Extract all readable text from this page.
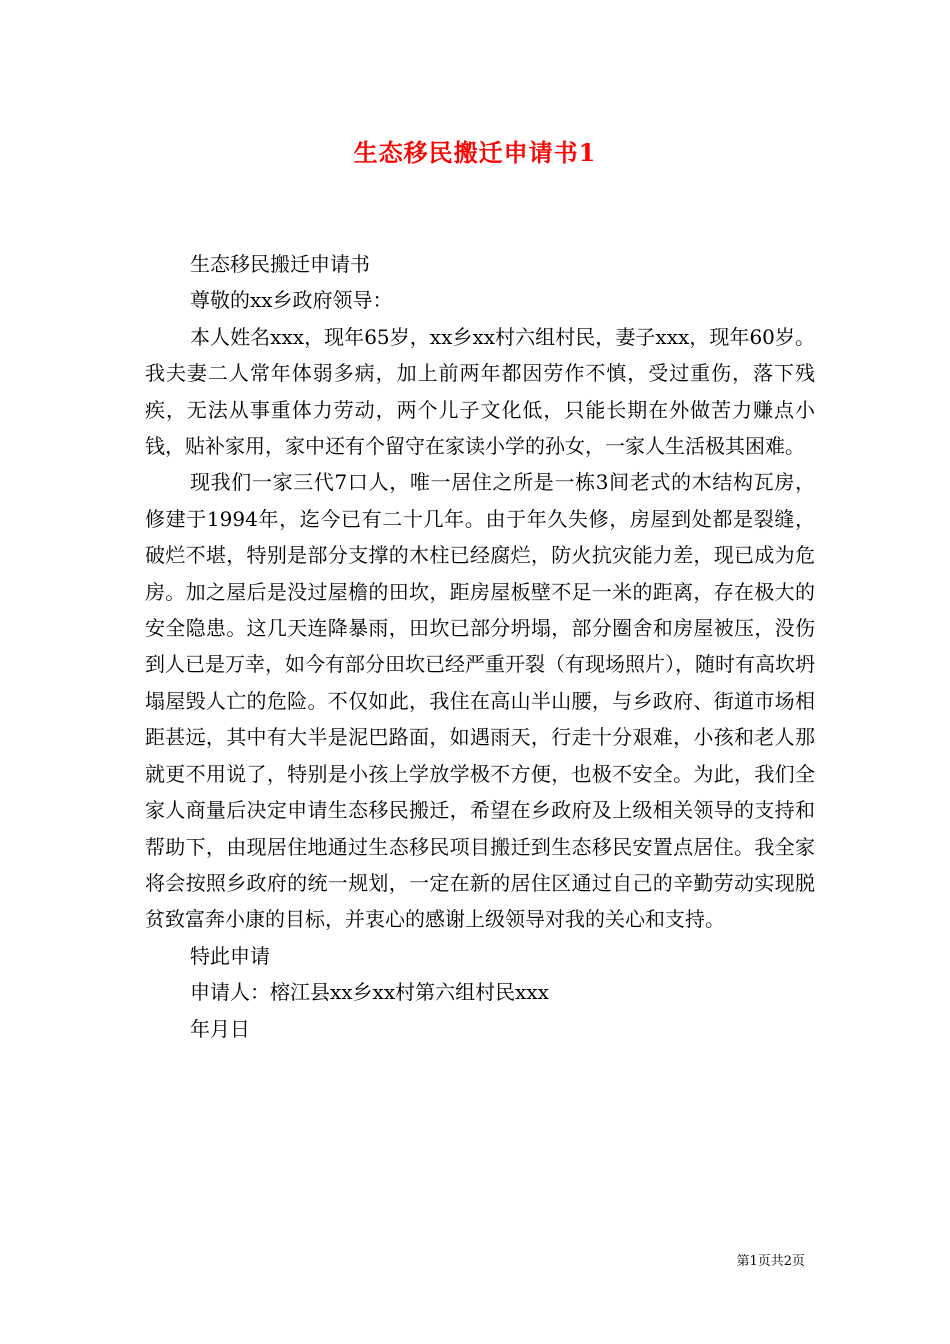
生态移民搬迁申请书1

生态移民搬迁申请书

尊敬的xx乡政府领导：

本人姓名xxx，现年65岁，xx乡xx村六组村民，妻子xxx，现年60岁。我夫妻二人常年体弱多病，加上前两年都因劳作不慎，受过重伤，落下残疾，无法从事重体力劳动，两个儿子文化低，只能长期在外做苦力赚点小钱，贴补家用，家中还有个留守在家读小学的孙女，一家人生活极其困难。

现我们一家三代7口人，唯一居住之所是一栋3间老式的木结构瓦房，修建于1994年，迄今已有二十几年。由于年久失修，房屋到处都是裂缝，破烂不堪，特别是部分支撑的木柱已经腐烂，防火抗灾能力差，现已成为危房。加之屋后是没过屋檐的田坎，距房屋板壁不足一米的距离，存在极大的安全隐患。这几天连降暴雨，田坎已部分坍塌，部分圈舍和房屋被压，没伤到人已是万幸，如今有部分田坎已经严重开裂（有现场照片），随时有高坎坍塌屋毁人亡的危险。不仅如此，我住在高山半山腰，与乡政府、街道市场相距甚远，其中有大半是泥巴路面，如遇雨天，行走十分艰难，小孩和老人那就更不用说了，特别是小孩上学放学极不方便，也极不安全。为此，我们全家人商量后决定申请生态移民搬迁，希望在乡政府及上级相关领导的支持和帮助下，由现居住地通过生态移民项目搬迁到生态移民安置点居住。我全家将会按照乡政府的统一规划，一定在新的居住区通过自己的辛勤劳动实现脱贫致富奔小康的目标，并衷心的感谢上级领导对我的关心和支持。

特此申请

申请人：榕江县xx乡xx村第六组村民xxx

年月日

第1页共2页
